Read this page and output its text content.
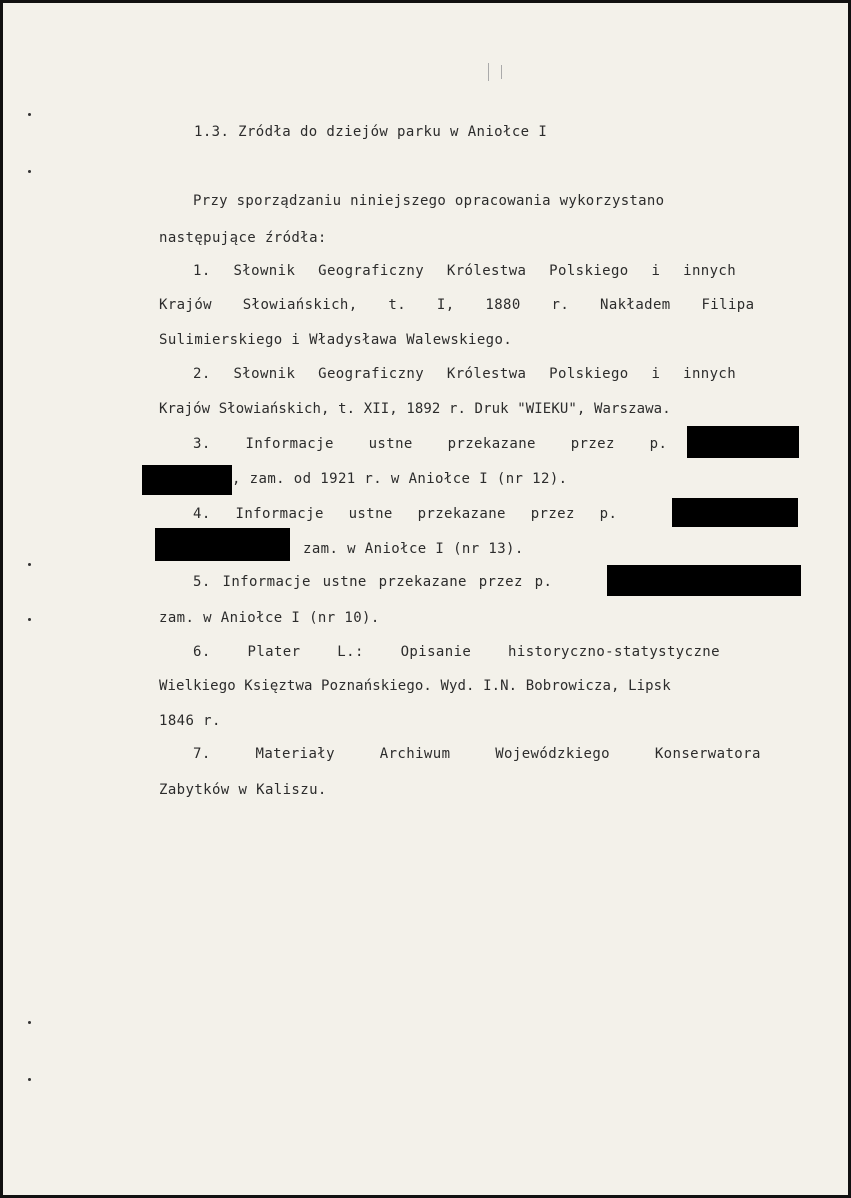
1.3. Zródła do dziejów parku w Aniołce I
Przy sporządzaniu niniejszego opracowania wykorzystano
następujące źródła:
1. Słownik Geograficzny Królestwa Polskiego i innych
Krajów Słowiańskich, t. I, 1880 r. Nakładem Filipa
Sulimierskiego i Władysława Walewskiego.
2. Słownik Geograficzny Królestwa Polskiego i innych
Krajów Słowiańskich, t. XII, 1892 r. Druk "WIEKU", Warszawa.
3. Informacje ustne przekazane przez p.
, zam. od 1921 r. w Aniołce I (nr 12).
4. Informacje ustne przekazane przez p.
zam. w Aniołce I (nr 13).
5. Informacje ustne przekazane przez p.
zam. w Aniołce I (nr 10).
6. Plater L.: Opisanie historyczno-statystyczne
Wielkiego Księztwa Poznańskiego. Wyd. I.N. Bobrowicza, Lipsk
1846 r.
7. Materiały Archiwum Wojewódzkiego Konserwatora
Zabytków w Kaliszu.
